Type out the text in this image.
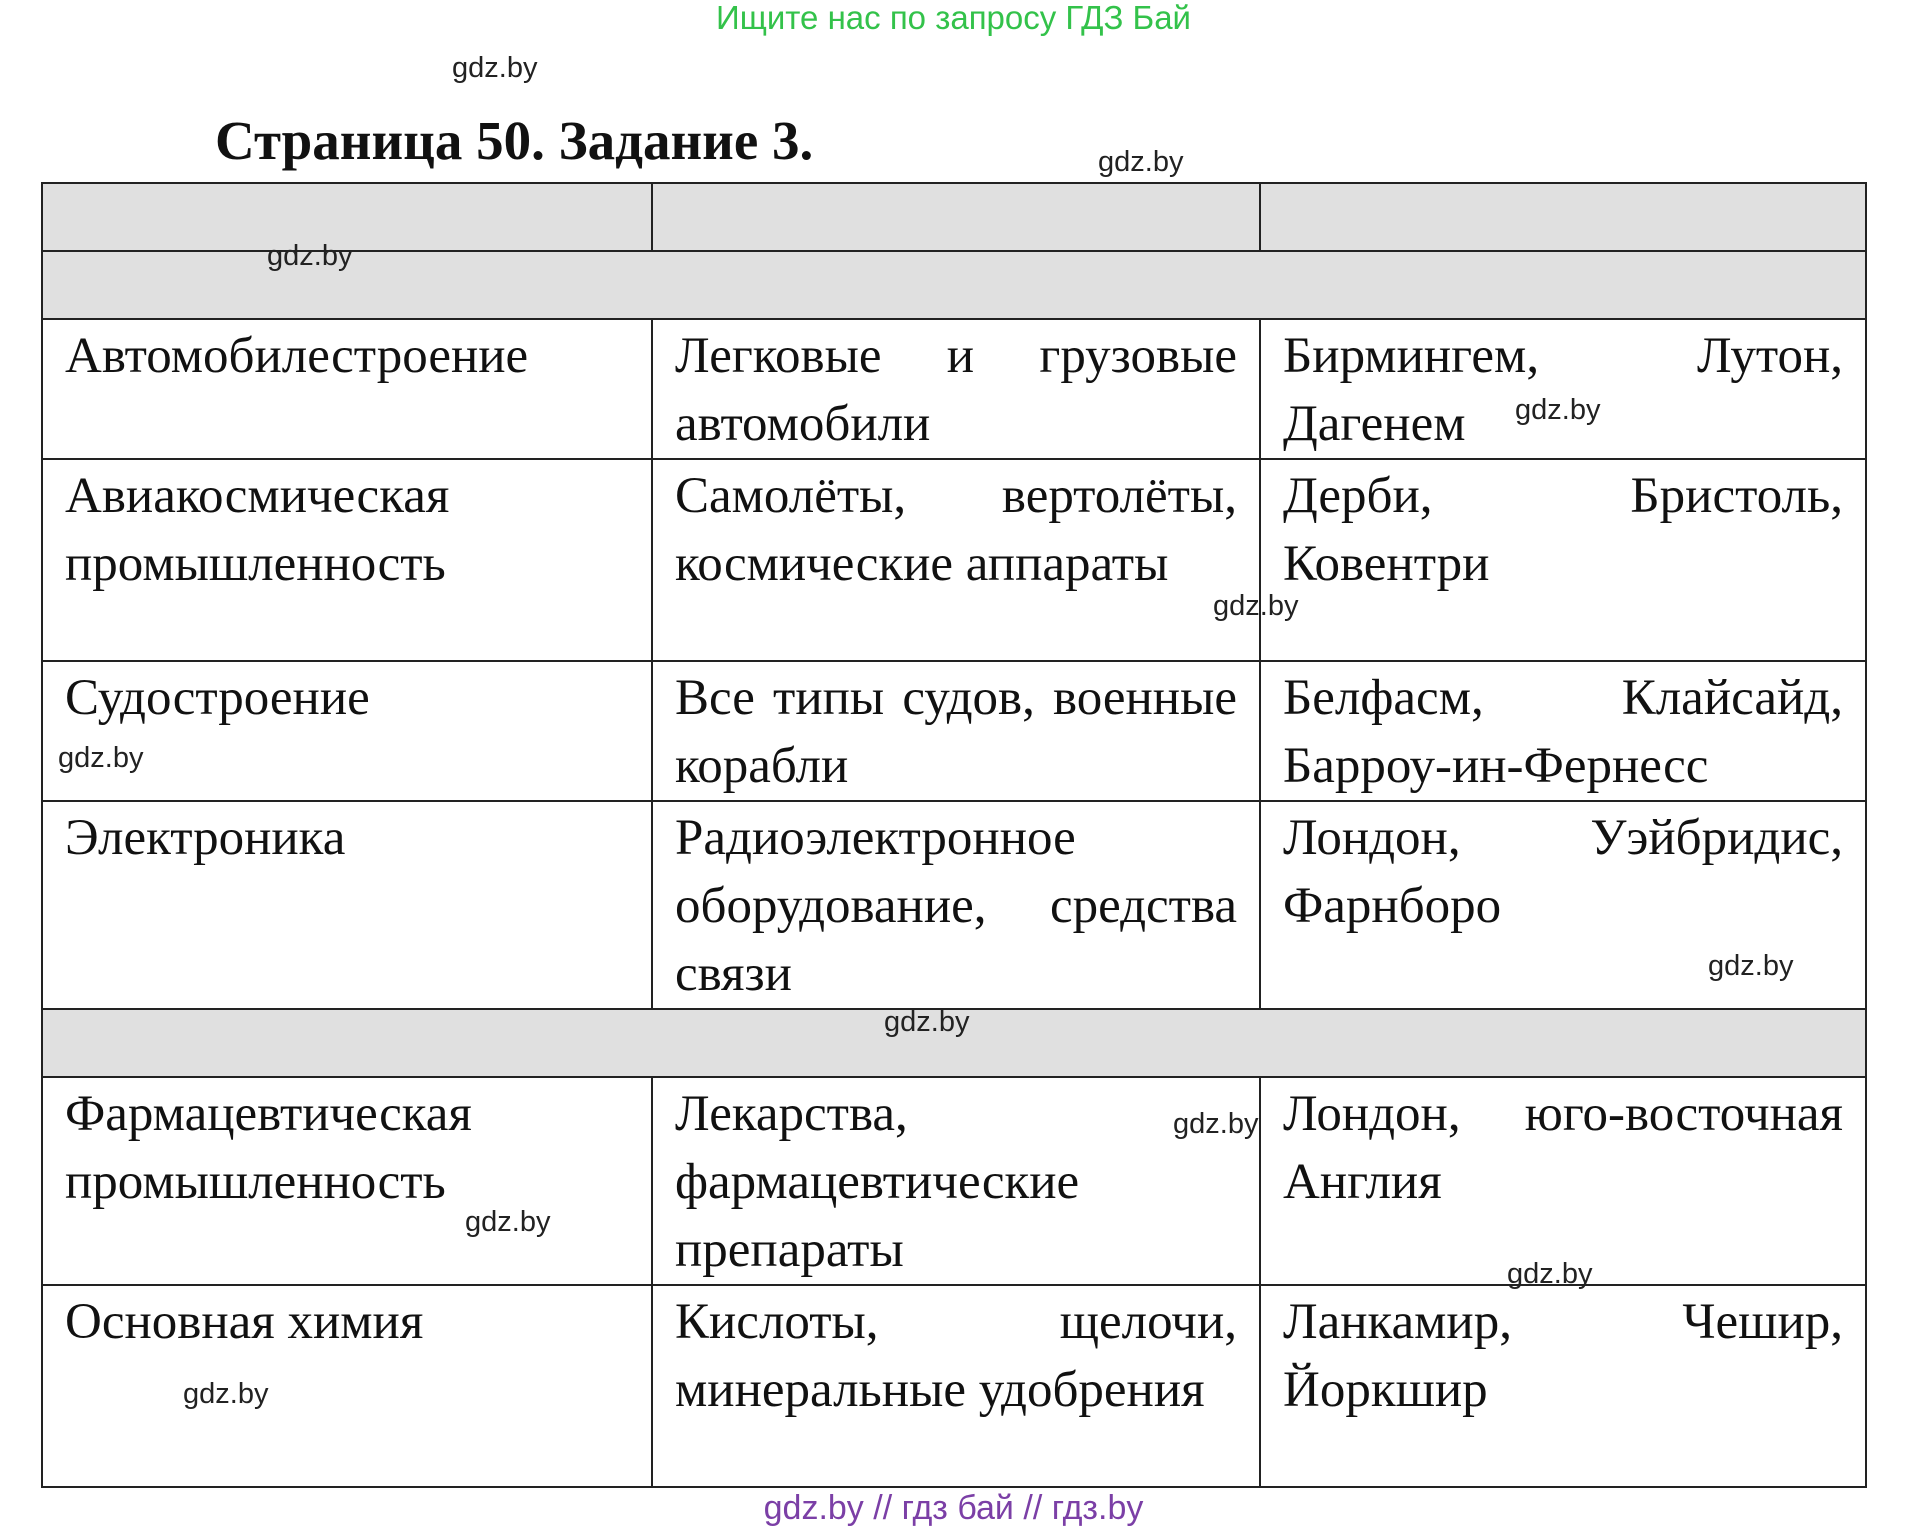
Ищите нас по запросу ГДЗ Бай
Страница 50. Задание 3.

Автомобилестроение	Легковые и грузовые автомобили	Бирмингем, Лутон, Дагенем
Авиакосмическая промышленность	Самолёты, вертолёты, космические аппараты	Дерби, Бристоль, Ковентри
Судостроение	Все типы судов, военные корабли	Белфасм, Клайсайд, Барроу-ин-Фернесс
Электроника	Радиоэлектронное оборудование, средства связи	Лондон, Уэйбридис, Фарнборо

Фармацевтическая промышленность	Лекарства, фармацевтические препараты	Лондон, юго-восточная Англия
Основная химия	Кислоты, щелочи, минеральные удобрения	Ланкамир, Чешир, Йоркшир
gdz.by
gdz.by
gdz.by
gdz.by
gdz.by
gdz.by
gdz.by
gdz.by
gdz.by
gdz.by
gdz.by
gdz.by
gdz.by // гдз бай // гдз.by
